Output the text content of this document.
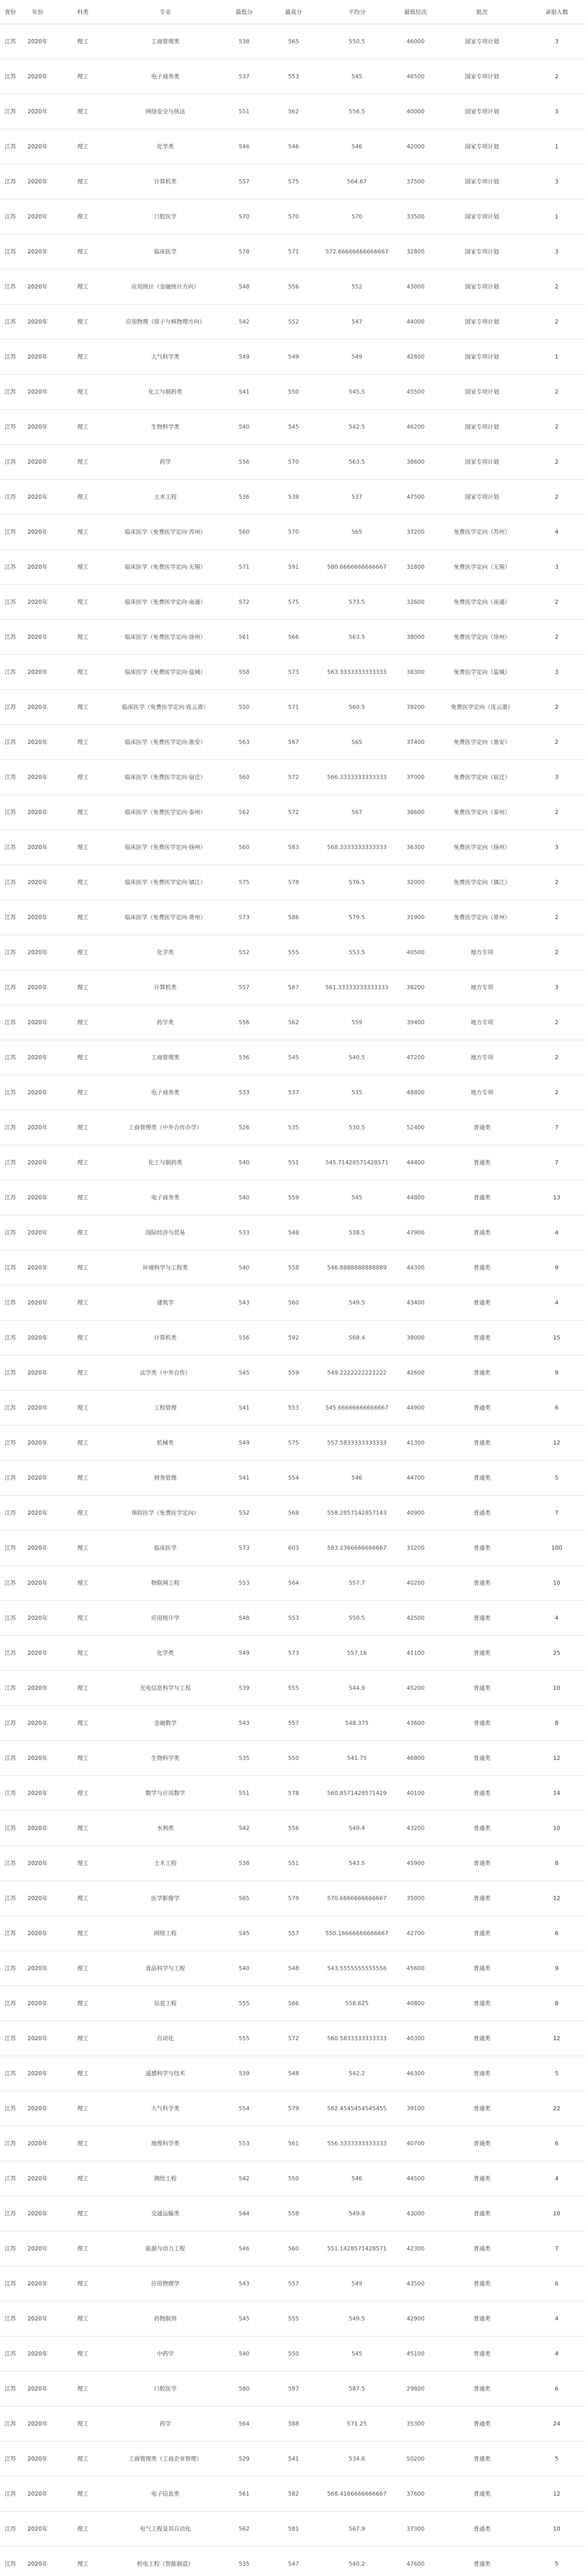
省份	年份	科类	专业	最低分	最高分	平均分	最低位次	批次	录取人数
江苏	2020年	理工	工商管理类	538	565	550.5	46000	国家专项计划	3
江苏	2020年	理工	电子商务类	537	553	545	46500	国家专项计划	2
江苏	2020年	理工	网络安全与执法	551	562	556.5	40000	国家专项计划	3
江苏	2020年	理工	化学类	546	546	546	42000	国家专项计划	1
江苏	2020年	理工	计算机类	557	575	564.67	37500	国家专项计划	3
江苏	2020年	理工	口腔医学	570	570	570	33500	国家专项计划	1
江苏	2020年	理工	临床医学	578	571	572.66666666666667	32800	国家专项计划	3
江苏	2020年	理工	应用统计（金融统计方向）	548	556	552	43000	国家专项计划	2
江苏	2020年	理工	应用物理（原子与核物理方向）	542	552	547	44000	国家专项计划	2
江苏	2020年	理工	大气科学类	549	549	549	42800	国家专项计划	1
江苏	2020年	理工	化工与制药类	541	550	545.5	45500	国家专项计划	2
江苏	2020年	理工	生物科学类	540	545	542.5	46200	国家专项计划	2
江苏	2020年	理工	药学	556	570	563.5	38600	国家专项计划	2
江苏	2020年	理工	土木工程	536	538	537	47500	国家专项计划	2
江苏	2020年	理工	临床医学（免费医学定向·苏州）	560	570	565	37200	免费医学定向（苏州）	4
江苏	2020年	理工	临床医学（免费医学定向·无锡）	571	591	580.6666666666667	31800	免费医学定向（无锡）	3
江苏	2020年	理工	临床医学（免费医学定向·南通）	572	575	573.5	32600	免费医学定向（南通）	2
江苏	2020年	理工	临床医学（免费医学定向·徐州）	561	566	563.5	38000	免费医学定向（徐州）	2
江苏	2020年	理工	临床医学（免费医学定向·盐城）	558	573	563.3333333333333	38300	免费医学定向（盐城）	3
江苏	2020年	理工	临床医学（免费医学定向·连云港）	550	571	560.5	39200	免费医学定向（连云港）	2
江苏	2020年	理工	临床医学（免费医学定向·淮安）	563	567	565	37400	免费医学定向（淮安）	2
江苏	2020年	理工	临床医学（免费医学定向·宿迁）	560	572	566.3333333333333	37000	免费医学定向（宿迁）	3
江苏	2020年	理工	临床医学（免费医学定向·泰州）	562	572	567	36600	免费医学定向（泰州）	2
江苏	2020年	理工	临床医学（免费医学定向·扬州）	560	583	568.3333333333333	36300	免费医学定向（扬州）	3
江苏	2020年	理工	临床医学（免费医学定向·镇江）	575	578	576.5	32000	免费医学定向（镇江）	2
江苏	2020年	理工	临床医学（免费医学定向·常州）	573	586	579.5	31900	免费医学定向（常州）	2
江苏	2020年	理工	化学类	552	555	553.5	40500	地方专项	2
江苏	2020年	理工	计算机类	557	567	561.33333333333333	38200	地方专项	3
江苏	2020年	理工	药学类	556	562	559	39400	地方专项	2
江苏	2020年	理工	工商管理类	536	545	540.5	47200	地方专项	2
江苏	2020年	理工	电子商务类	533	537	535	48800	地方专项	2
江苏	2020年	理工	工商管理类（中外合作办学）	526	535	530.5	52400	普通类	7
江苏	2020年	理工	化工与制药类	540	551	545.71428571428571	44400	普通类	7
江苏	2020年	理工	电子商务类	540	559	545	44800	普通类	13
江苏	2020年	理工	国际经济与贸易	533	548	538.5	47900	普通类	4
江苏	2020年	理工	环境科学与工程类	540	558	546.8888888888889	44300	普通类	9
江苏	2020年	理工	建筑学	543	560	549.5	43400	普通类	4
江苏	2020年	理工	计算机类	556	592	568.4	38000	普通类	15
江苏	2020年	理工	法学类（中外合作）	545	559	549.2222222222222	42600	普通类	9
江苏	2020年	理工	工程管理	541	553	545.66666666666667	44900	普通类	6
江苏	2020年	理工	机械类	549	575	557.5833333333333	41300	普通类	12
江苏	2020年	理工	财务管理	541	554	546	44700	普通类	5
江苏	2020年	理工	预防医学（免费医学定向）	552	568	558.2857142857143	40900	普通类	7
江苏	2020年	理工	临床医学	573	603	583.2366666666667	31200	普通类	100
江苏	2020年	理工	物联网工程	553	564	557.7	40200	普通类	10
江苏	2020年	理工	应用统计学	548	553	550.5	42500	普通类	4
江苏	2020年	理工	化学类	549	573	557.16	41100	普通类	25
江苏	2020年	理工	光电信息科学与工程	539	555	544.9	45200	普通类	10
江苏	2020年	理工	金融数学	543	557	548.375	43600	普通类	8
江苏	2020年	理工	生物科学类	535	550	541.75	46800	普通类	12
江苏	2020年	理工	数学与应用数学	551	578	560.8571428571429	40100	普通类	14
江苏	2020年	理工	水利类	542	556	549.4	43200	普通类	10
江苏	2020年	理工	土木工程	538	551	543.5	45900	普通类	8
江苏	2020年	理工	医学影像学	565	579	570.6666666666667	35000	普通类	12
江苏	2020年	理工	网络工程	545	557	550.16666666666667	42700	普通类	6
江苏	2020年	理工	食品科学与工程	540	548	543.5555555555556	45600	普通类	9
江苏	2020年	理工	信息工程	555	566	558.625	40800	普通类	8
江苏	2020年	理工	自动化	555	572	560.5833333333333	40300	普通类	12
江苏	2020年	理工	遥感科学与技术	539	548	542.2	46300	普通类	5
江苏	2020年	理工	大气科学类	554	579	562.4545454545455	39100	普通类	22
江苏	2020年	理工	地理科学类	553	561	556.3333333333333	40700	普通类	6
江苏	2020年	理工	测绘工程	542	550	546	44500	普通类	4
江苏	2020年	理工	交通运输类	544	558	549.8	43000	普通类	10
江苏	2020年	理工	能源与动力工程	546	560	551.1428571428571	42300	普通类	7
江苏	2020年	理工	应用物理学	543	557	549	43500	普通类	6
江苏	2020年	理工	药物制剂	545	555	549.5	42900	普通类	4
江苏	2020年	理工	中药学	540	550	545	45100	普通类	4
江苏	2020年	理工	口腔医学	580	597	587.5	29800	普通类	6
江苏	2020年	理工	药学	564	588	571.25	35300	普通类	24
江苏	2020年	理工	工商管理类（工商企业管理）	529	541	534.6	50200	普通类	5
江苏	2020年	理工	电子信息类	561	582	568.4166666666667	37600	普通类	12
江苏	2020年	理工	电气工程及其自动化	562	581	567.9	37300	普通类	10
江苏	2020年	理工	机电工程（智能制造）	535	547	540.2	47600	普通类	5
